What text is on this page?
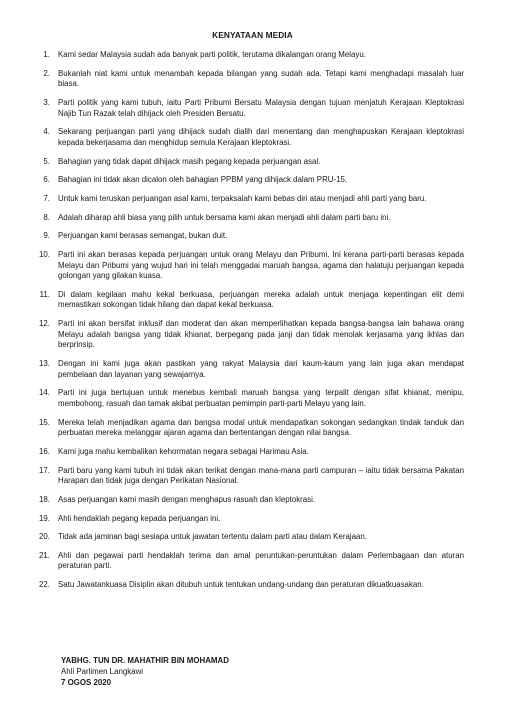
KENYATAAN MEDIA
1.	Kami sedar Malaysia sudah ada banyak parti politik, terutama dikalangan orang Melayu.
2.	Bukanlah niat kami untuk menambah kepada bilangan yang sudah ada. Tetapi kami menghadapi masalah luar biasa.
3.	Parti politik yang kami tubuh, iaitu Parti Pribumi Bersatu Malaysia dengan tujuan menjatuh Kerajaan Kleptokrasi Najib Tun Razak telah dihijack oleh Presiden Bersatu.
4.	Sekarang perjuangan parti yang dihijack sudah dialih dari menentang dan menghapuskan Kerajaan kleptokrasi kepada bekerjasama dan menghidup semula Kerajaan kleptokrasi.
5.	Bahagian yang tidak dapat dihijack masih pegang kepada perjuangan asal.
6.	Bahagian ini tidak akan dicalon oleh bahagian PPBM yang dihijack dalam PRU-15.
7.	Untuk kami teruskan perjuangan asal kami, terpaksalah kami bebas diri atau menjadi ahli parti yang baru.
8.	Adalah diharap ahli biasa yang pilih untuk bersama kami akan menjadi ahli dalam parti baru ini.
9.	Perjuangan kami berasas semangat, bukan duit.
10.	Parti ini akan berasas kepada perjuangan untuk orang Melayu dan Pribumi. Ini kerana parti-parti berasas kepada Melayu dan Pribumi yang wujud hari ini telah menggadai maruah bangsa, agama dan halatuju perjuangan kepada golongan yang gilakan kuasa.
11.	Di dalam kegilaan mahu kekal berkuasa, perjuangan mereka adalah untuk menjaga kepentingan elit demi memastikan sokongan tidak hilang dan dapat kekal berkuasa.
12.	Parti ini akan bersifat inklusif dan moderat dan akan memperlihatkan kepada bangsa-bangsa lain bahawa orang Melayu adalah bangsa yang tidak khianat, berpegang pada janji dan tidak menolak kerjasama yang ikhlas dan berprinsip.
13.	Dengan ini kami juga akan pastikan yang rakyat Malaysia dari kaum-kaum yang lain juga akan mendapat pembelaan dan layanan yang sewajarnya.
14.	Parti ini juga bertujuan untuk menebus kembali maruah bangsa yang terpalit dengan sifat khianat, menipu, membohong, rasuah dan tamak akibat perbuatan pemimpin parti-parti Melayu yang lain.
15.	Mereka telah menjadikan agama dan bangsa modal untuk mendapatkan sokongan sedangkan tindak tanduk dan perbuatan mereka melanggar ajaran agama dan bertentangan dengan nilai bangsa.
16.	Kami juga mahu kembalikan kehormatan negara sebagai Harimau Asia.
17.	Parti baru yang kami tubuh ini tidak akan terikat dengan mana-mana parti campuran – iaitu tidak bersama Pakatan Harapan dan tidak juga dengan Perikatan Nasional.
18.	Asas perjuangan kami masih dengan menghapus rasuah dan kleptokrasi.
19.	Ahli hendaklah pegang kepada perjuangan ini.
20.	Tidak ada jaminan bagi sesiapa untuk jawatan tertentu dalam parti atau dalam Kerajaan.
21.	Ahli dan pegawai parti hendaklah terima dan amal peruntukan-peruntukan dalam Perlembagaan dan aturan peraturan parti.
22.	Satu Jawatankuasa Disiplin akan ditubuh untuk tentukan undang-undang dan peraturan dikuatkuasakan.
YABHG. TUN DR. MAHATHIR BIN MOHAMAD
Ahli Parlimen Langkawi
7 OGOS 2020
